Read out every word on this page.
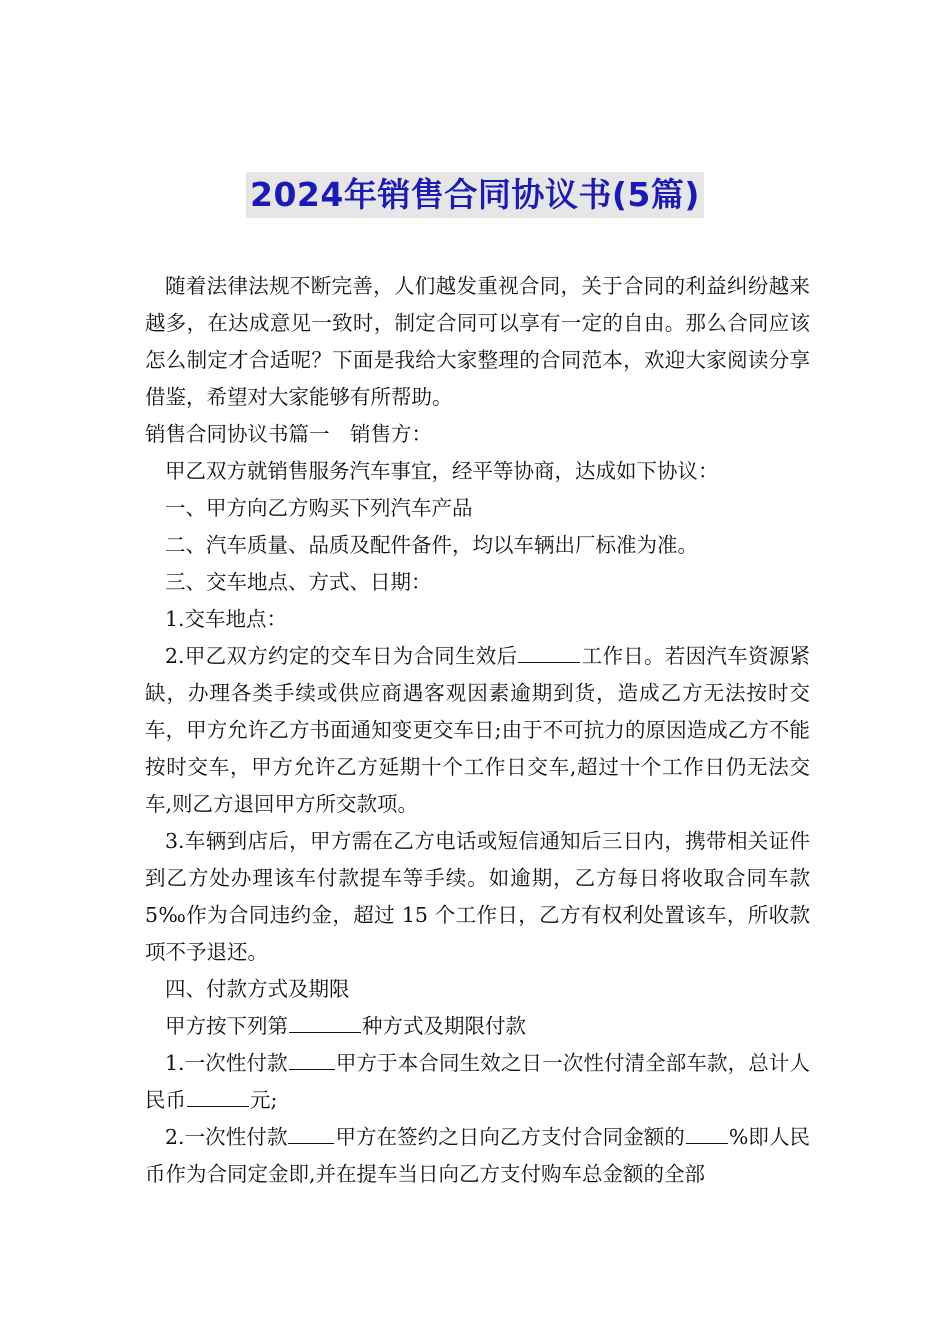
2024年销售合同协议书(5篇)

随着法律法规不断完善，人们越发重视合同，关于合同的利益纠纷越来越多，在达成意见一致时，制定合同可以享有一定的自由。那么合同应该怎么制定才合适呢？下面是我给大家整理的合同范本，欢迎大家阅读分享借鉴，希望对大家能够有所帮助。

销售合同协议书篇一　销售方：

甲乙双方就销售服务汽车事宜，经平等协商，达成如下协议：

一、甲方向乙方购买下列汽车产品

二、汽车质量、品质及配件备件，均以车辆出厂标准为准。

三、交车地点、方式、日期：

1.交车地点：

2.甲乙双方约定的交车日为合同生效后	工作日。若因汽车资源紧缺，办理各类手续或供应商遇客观因素逾期到货，造成乙方无法按时交车，甲方允许乙方书面通知变更交车日;由于不可抗力的原因造成乙方不能按时交车，甲方允许乙方延期十个工作日交车,超过十个工作日仍无法交车,则乙方退回甲方所交款项。

3.车辆到店后，甲方需在乙方电话或短信通知后三日内，携带相关证件到乙方处办理该车付款提车等手续。如逾期，乙方每日将收取合同车款 5‰作为合同违约金，超过 15 个工作日，乙方有权利处置该车，所收款项不予退还。

四、付款方式及期限

甲方按下列第	种方式及期限付款

1.一次性付款 甲方于本合同生效之日一次性付清全部车款，总计人民币	元;

2.一次性付款 甲方在签约之日向乙方支付合同金额的 %即人民币作为合同定金即,并在提车当日向乙方支付购车总金额的全部
